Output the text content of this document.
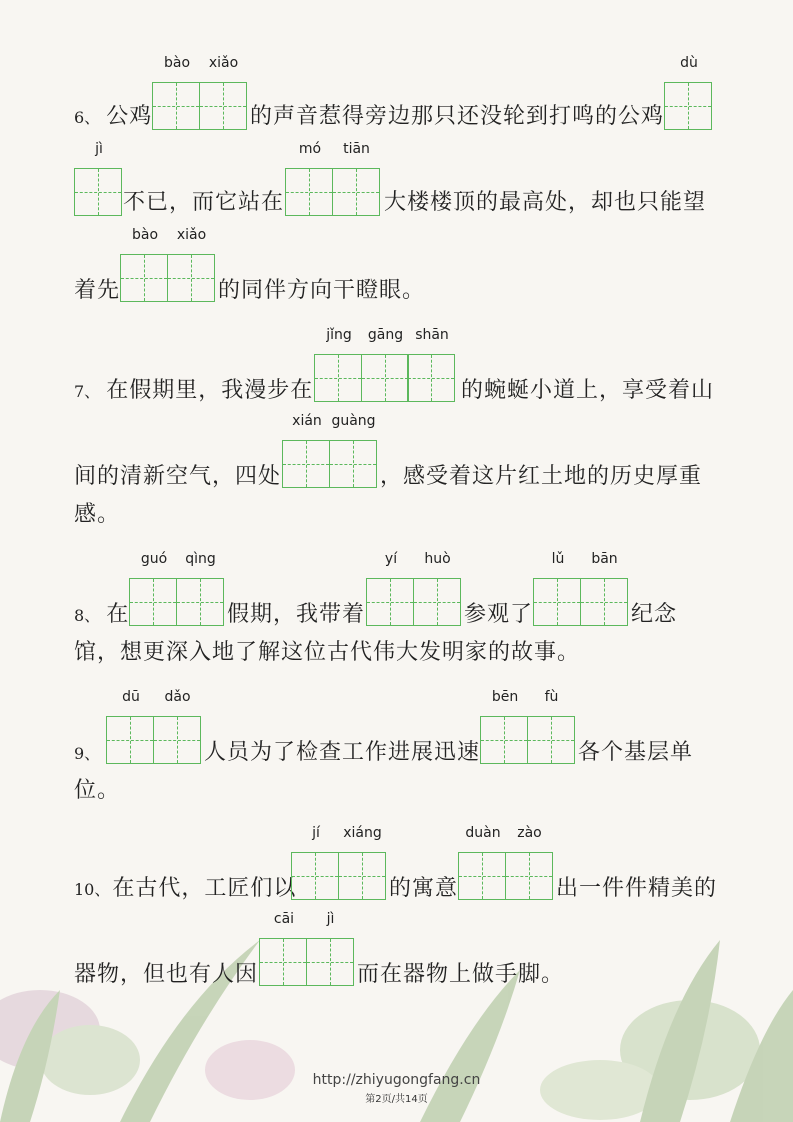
6、 公鸡
bào	xiǎo
的声音惹得旁边那只还没轮到打鸣的公鸡
dù
jì
不已，而它站在
mó	tiān
大楼楼顶的最高处，却也只能望
着先
bào	xiǎo
的同伴方向干瞪眼。
7、 在假期里，我漫步在
jǐng	gāng shān
的蜿蜒小道上，享受着山
间的清新空气，四处
xián guàng
，感受着这片红土地的历史厚重
感。
8、 在
guó	qìng
假期，我带着
yí	huò
参观了
lǔ	bān
纪念
馆，想更深入地了解这位古代伟大发明家的故事。
9、
dū	dǎo
人员为了检查工作进展迅速
bēn	fù
各个基层单
位。
10、在古代，工匠们以
jí	xiáng
的寓意
duàn	zào
出一件件精美的
器物，但也有人因
cāi	jì
而在器物上做手脚。
http://zhiyugongfang.cn
第2页/共14页
